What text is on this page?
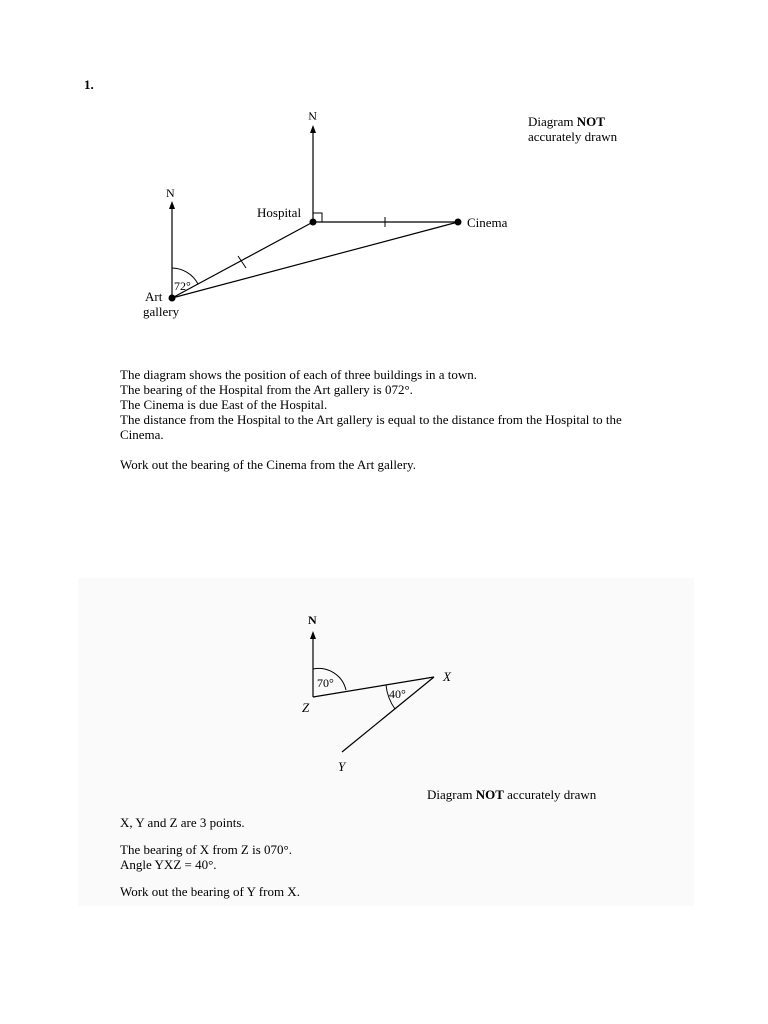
1.
Diagram NOT
accurately drawn
N
N
72°
Hospital
Cinema
Art
gallery

The diagram shows the position of each of three buildings in a town.

The bearing of the Hospital from the Art gallery is 072°.

The Cinema is due East of the Hospital.

The distance from the Hospital to the Art gallery is equal to the distance from the Hospital to the Cinema.

Work out the bearing of the Cinema from the Art gallery.

N
70°
40°
Z
X
Y
Diagram NOT accurately drawn

X, Y and Z are 3 points.

The bearing of X from Z is 070°.

Angle YXZ = 40°.

Work out the bearing of Y from X.
